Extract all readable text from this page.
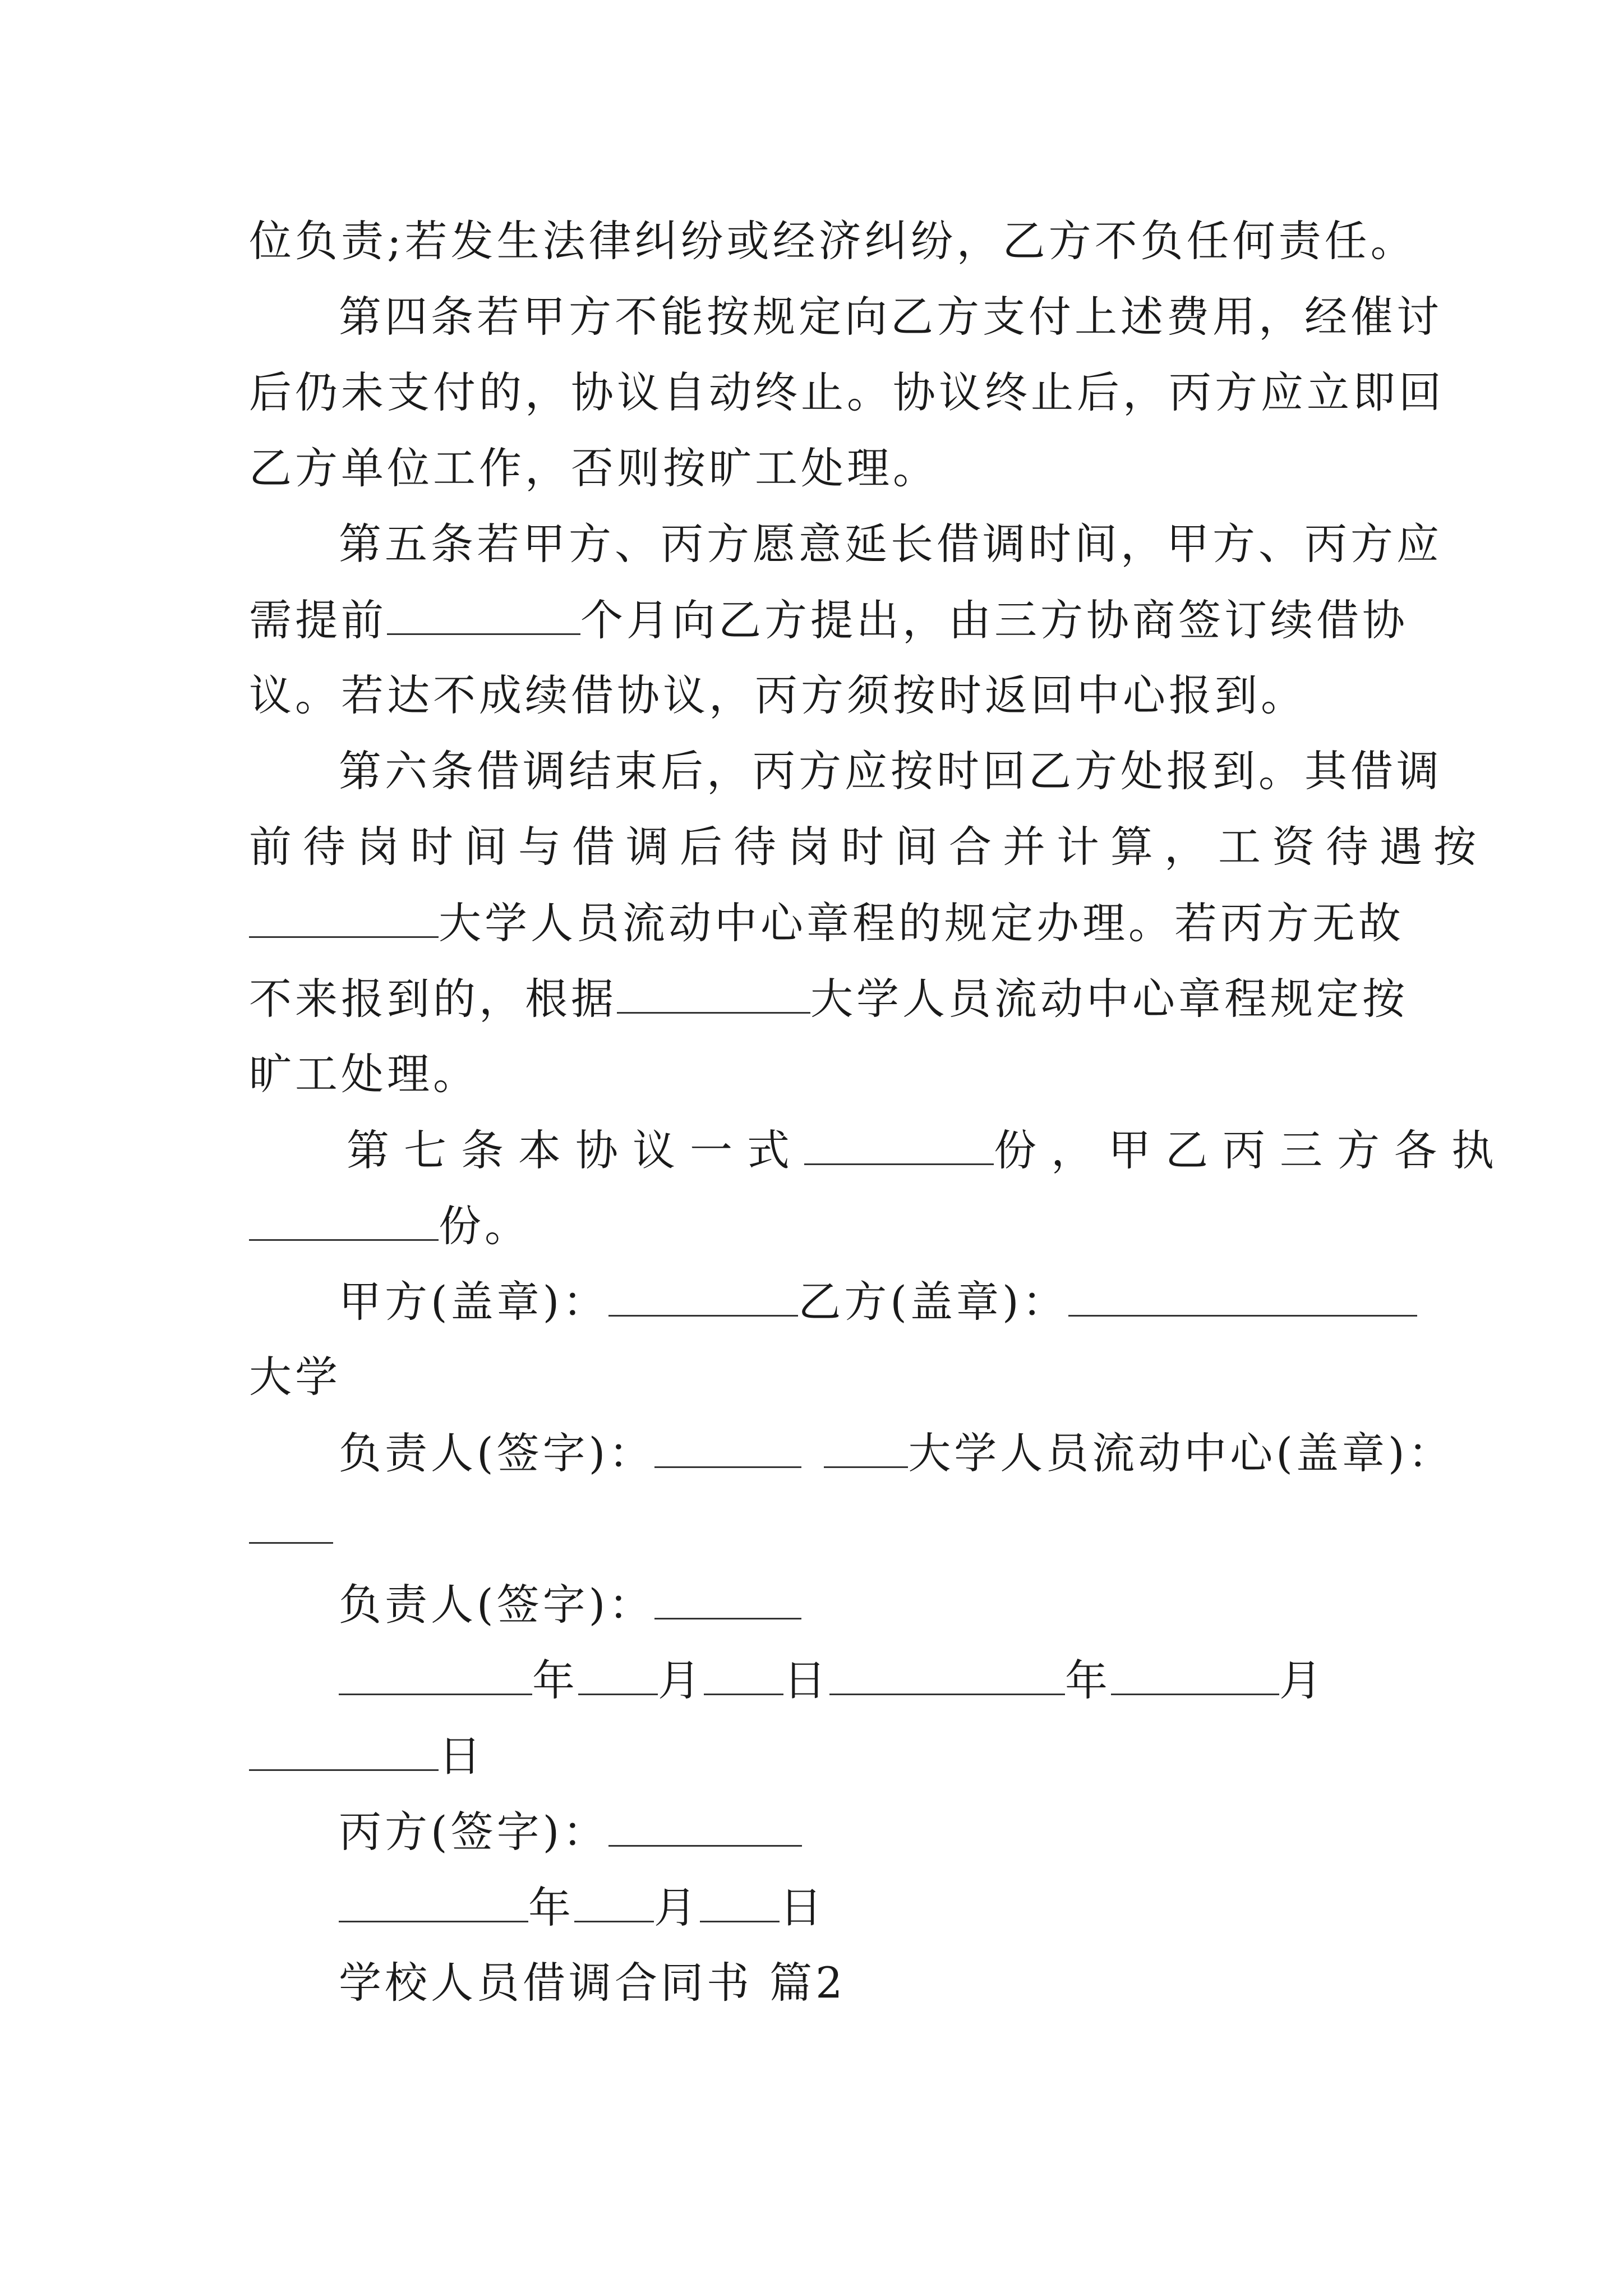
位负责;若发生法律纠纷或经济纠纷，乙方不负任何责任。
第四条若甲方不能按规定向乙方支付上述费用，经催讨
后仍未支付的，协议自动终止。协议终止后，丙方应立即回
乙方单位工作，否则按旷工处理。
第五条若甲方、丙方愿意延长借调时间，甲方、丙方应
需提前	个月向乙方提出，由三方协商签订续借协
议。若达不成续借协议，丙方须按时返回中心报到。
第六条借调结束后，丙方应按时回乙方处报到。其借调
前待岗时间与借调后待岗时间合并计算，工资待遇按
大学人员流动中心章程的规定办理。若丙方无故
不来报到的，根据	大学人员流动中心章程规定按
旷工处理。
第七条本协议一式	份，甲乙丙三方各执
份。
甲方(盖章)：	乙方(盖章)：
大学
负责人(签字)：	大学人员流动中心(盖章)：
负责人(签字)：
年 月 日	年	月
日
丙方(签字)：
年 月 日
学校人员借调合同书 篇2
